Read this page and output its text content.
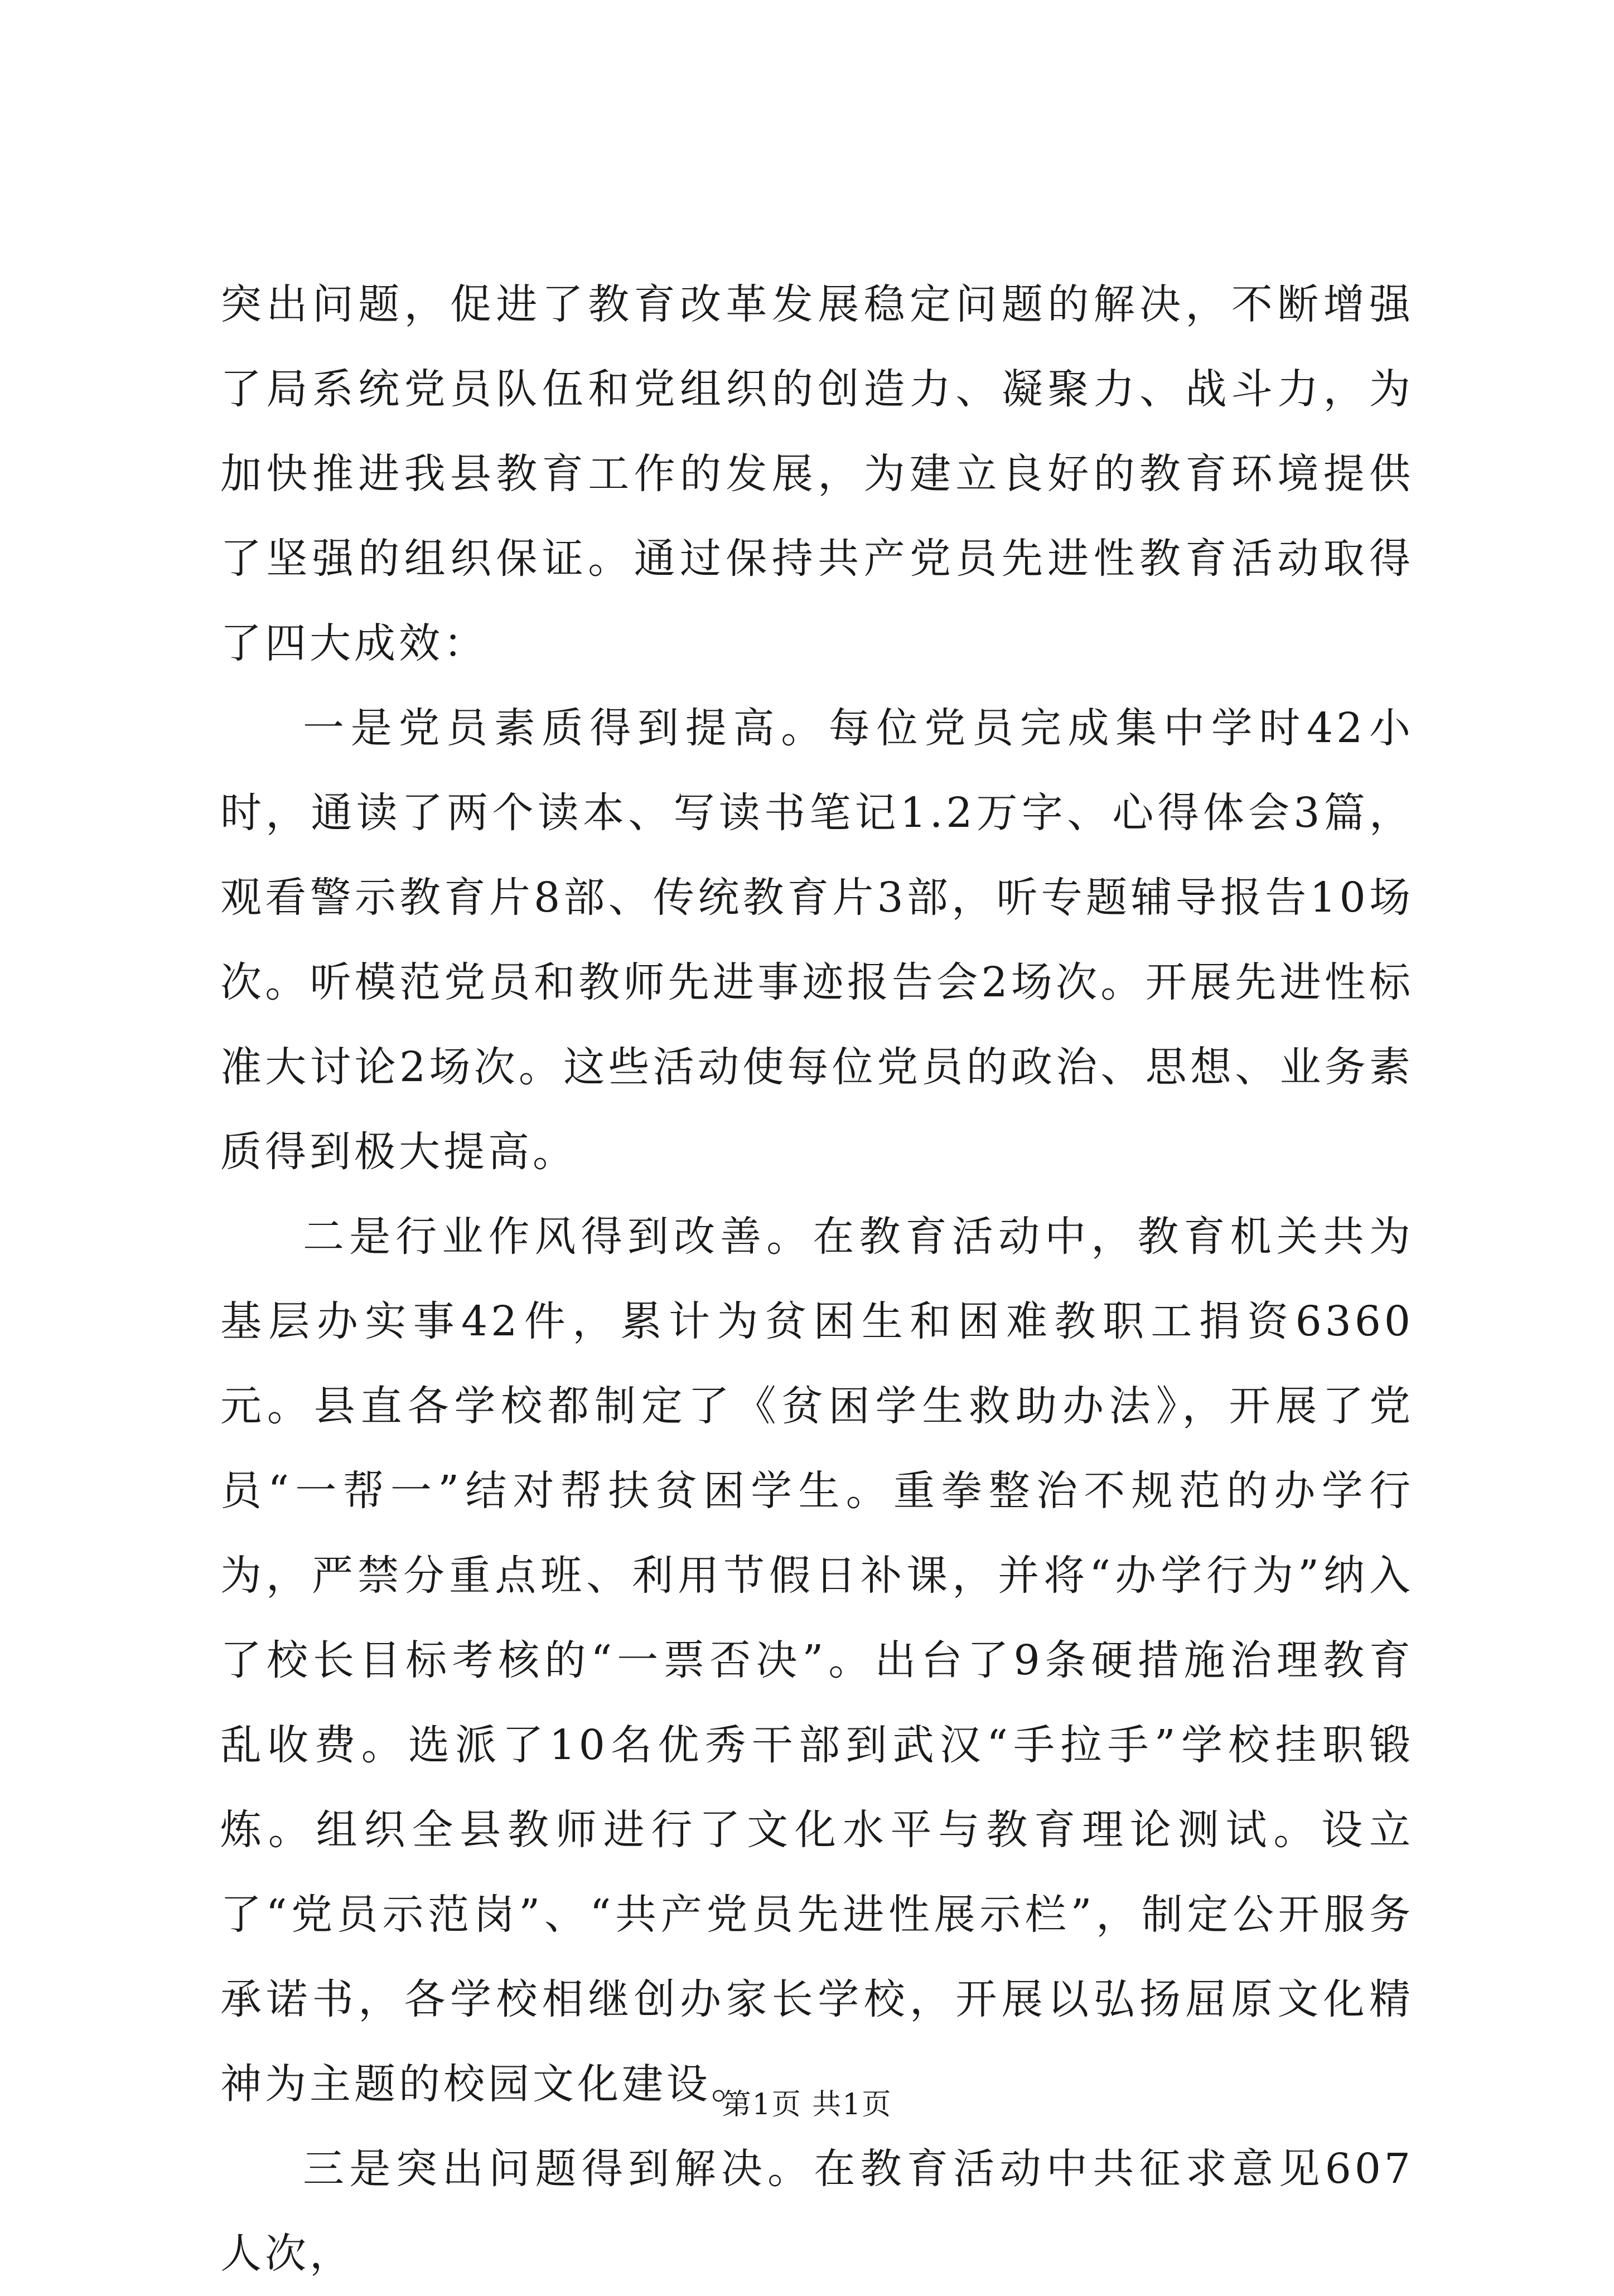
突出问题，促进了教育改革发展稳定问题的解决，不断增强了局系统党员队伍和党组织的创造力、凝聚力、战斗力，为加快推进我县教育工作的发展，为建立良好的教育环境提供了坚强的组织保证。通过保持共产党员先进性教育活动取得了四大成效：

一是党员素质得到提高。每位党员完成集中学时42小时，通读了两个读本、写读书笔记1.2万字、心得体会3篇，观看警示教育片8部、传统教育片3部，听专题辅导报告10场次。听模范党员和教师先进事迹报告会2场次。开展先进性标准大讨论2场次。这些活动使每位党员的政治、思想、业务素质得到极大提高。

二是行业作风得到改善。在教育活动中，教育机关共为基层办实事42件，累计为贫困生和困难教职工捐资6360元。县直各学校都制定了《贫困学生救助办法》，开展了党员“一帮一”结对帮扶贫困学生。重拳整治不规范的办学行为，严禁分重点班、利用节假日补课，并将“办学行为”纳入了校长目标考核的“一票否决”。出台了9条硬措施治理教育乱收费。选派了10名优秀干部到武汉“手拉手”学校挂职锻炼。组织全县教师进行了文化水平与教育理论测试。设立了“党员示范岗”、“共产党员先进性展示栏”，制定公开服务承诺书，各学校相继创办家长学校，开展以弘扬屈原文化精神为主题的校园文化建设。

三是突出问题得到解决。在教育活动中共征求意见607人次，

第1页 共1页
